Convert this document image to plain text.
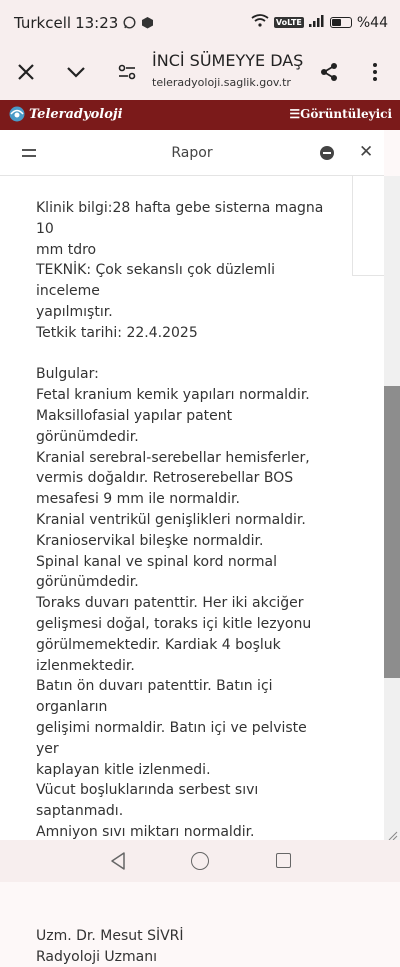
Turkcell 13:23	VoLTE	%44
İNCİ SÜMEYYE DAŞ
teleradyoloji.saglik.gov.tr
Teleradyoloji	☰Görüntüleyici
Rapor	✕

Klinik bilgi:28 hafta gebe sisterna magna 10

mm tdro

TEKNİK: Çok sekanslı çok düzlemli inceleme

yapılmıştır.

Tetkik tarihi: 22.4.2025

Bulgular:

Fetal kranium kemik yapıları normaldir.

Maksillofasial yapılar patent görünümdedir.

Kranial serebral-serebellar hemisferler,

vermis doğaldır. Retroserebellar BOS

mesafesi 9 mm ile normaldir.

Kranial ventrikül genişlikleri normaldir.

Kranioservikal bileşke normaldir.

Spinal kanal ve spinal kord normal

görünümdedir.

Toraks duvarı patenttir. Her iki akciğer

gelişmesi doğal, toraks içi kitle lezyonu

görülmemektedir. Kardiak 4 boşluk

izlenmektedir.

Batın ön duvarı patenttir. Batın içi organların

gelişimi normaldir. Batın içi ve pelviste yer

kaplayan kitle izlenmedi.

Vücut boşluklarında serbest sıvı saptanmadı.

Amniyon sıvı miktarı normaldir.

Uzm. Dr. Mesut SİVRİ

Radyoloji Uzmanı
